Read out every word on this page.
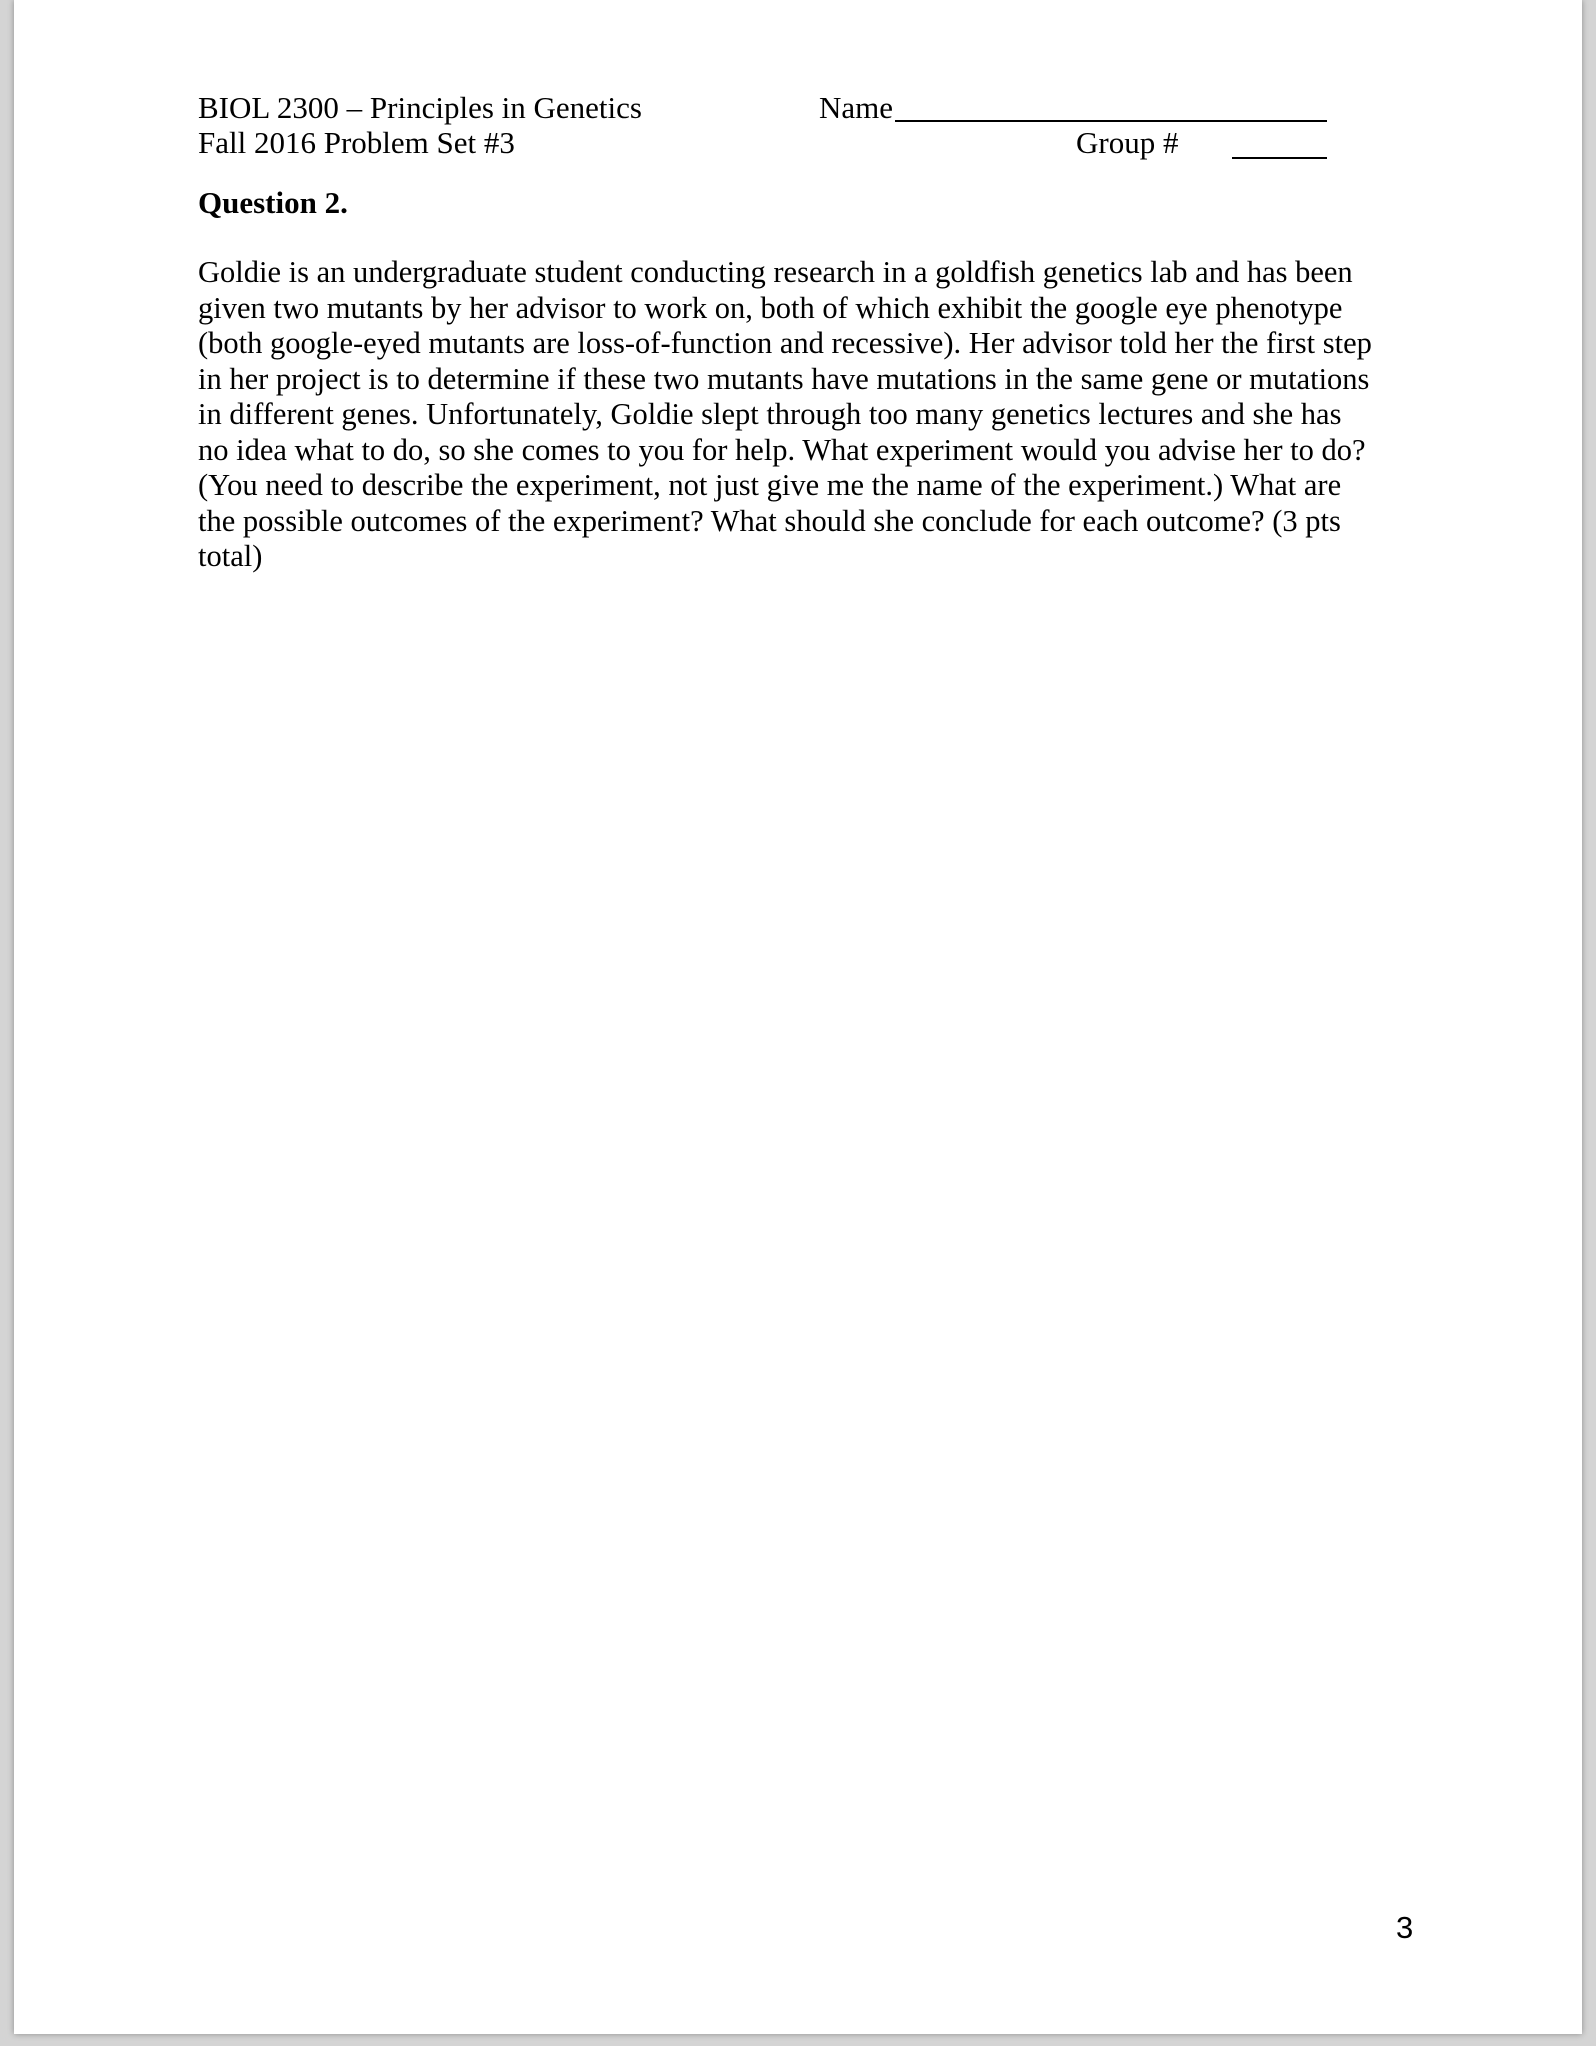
BIOL 2300 – Principles in Genetics
Fall 2016 Problem Set #3
Name
Group #
Question 2.
Goldie is an undergraduate student conducting research in a goldfish genetics lab and has been
given two mutants by her advisor to work on, both of which exhibit the google eye phenotype
(both google-eyed mutants are loss-of-function and recessive). Her advisor told her the first step
in her project is to determine if these two mutants have mutations in the same gene or mutations
in different genes. Unfortunately, Goldie slept through too many genetics lectures and she has
no idea what to do, so she comes to you for help. What experiment would you advise her to do?
(You need to describe the experiment, not just give me the name of the experiment.) What are
the possible outcomes of the experiment? What should she conclude for each outcome? (3 pts
total)
3
